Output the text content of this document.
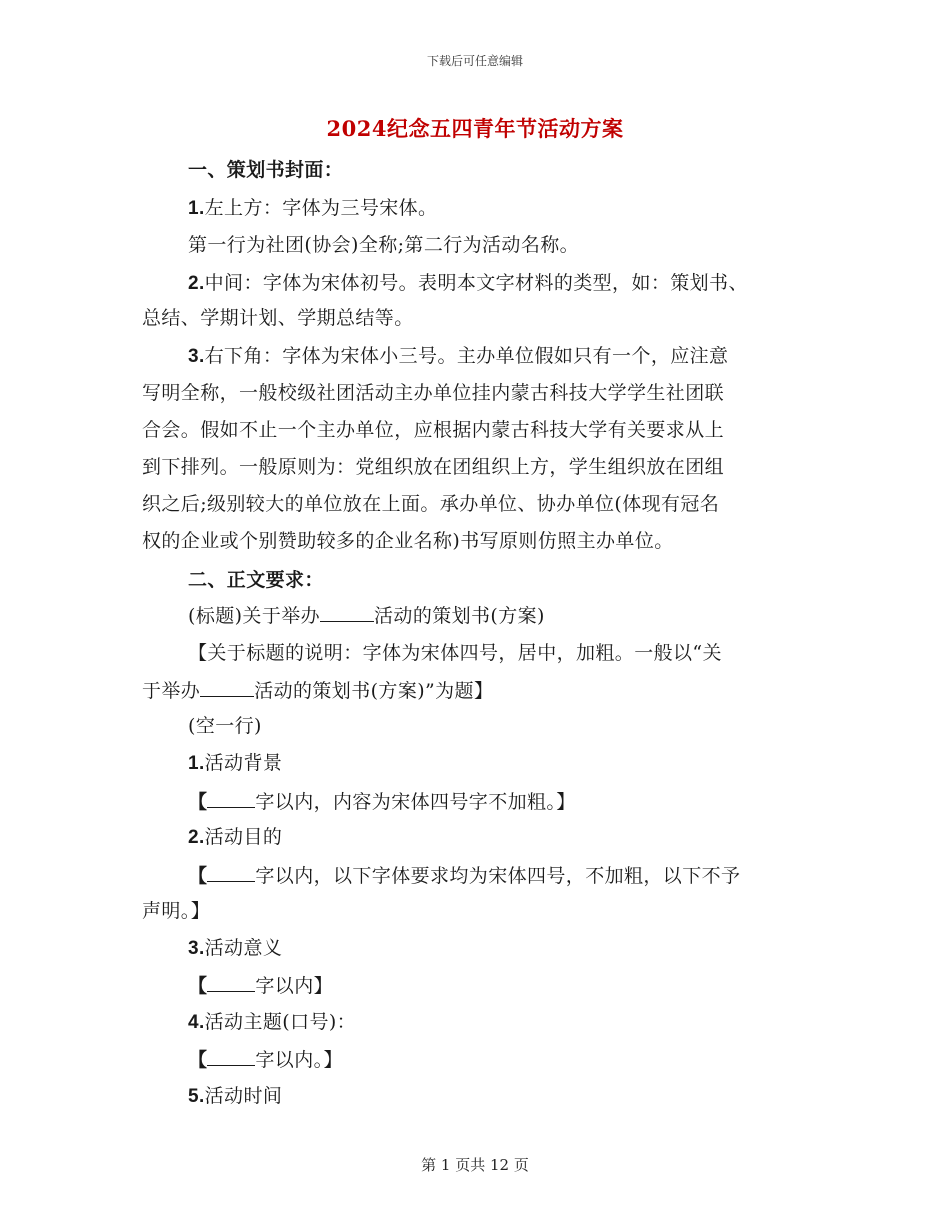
下载后可任意编辑
2024纪念五四青年节活动方案
一、策划书封面：
1.左上方：字体为三号宋体。
第一行为社团(协会)全称;第二行为活动名称。
2.中间：字体为宋体初号。表明本文字材料的类型，如：策划书、
总结、学期计划、学期总结等。
3.右下角：字体为宋体小三号。主办单位假如只有一个，应注意
写明全称，一般校级社团活动主办单位挂内蒙古科技大学学生社团联
合会。假如不止一个主办单位，应根据内蒙古科技大学有关要求从上
到下排列。一般原则为：党组织放在团组织上方，学生组织放在团组
织之后;级别较大的单位放在上面。承办单位、协办单位(体现有冠名
权的企业或个别赞助较多的企业名称)书写原则仿照主办单位。
二、正文要求：
(标题)关于举办	活动的策划书(方案)
【关于标题的说明：字体为宋体四号，居中，加粗。一般以“关
于举办	活动的策划书(方案)”为题】
(空一行)
1.活动背景
【	字以内，内容为宋体四号字不加粗。】
2.活动目的
【	字以内，以下字体要求均为宋体四号，不加粗，以下不予
声明。】
3.活动意义
【	字以内】
4.活动主题(口号)：
【	字以内。】
5.活动时间
第 1 页共 12 页
